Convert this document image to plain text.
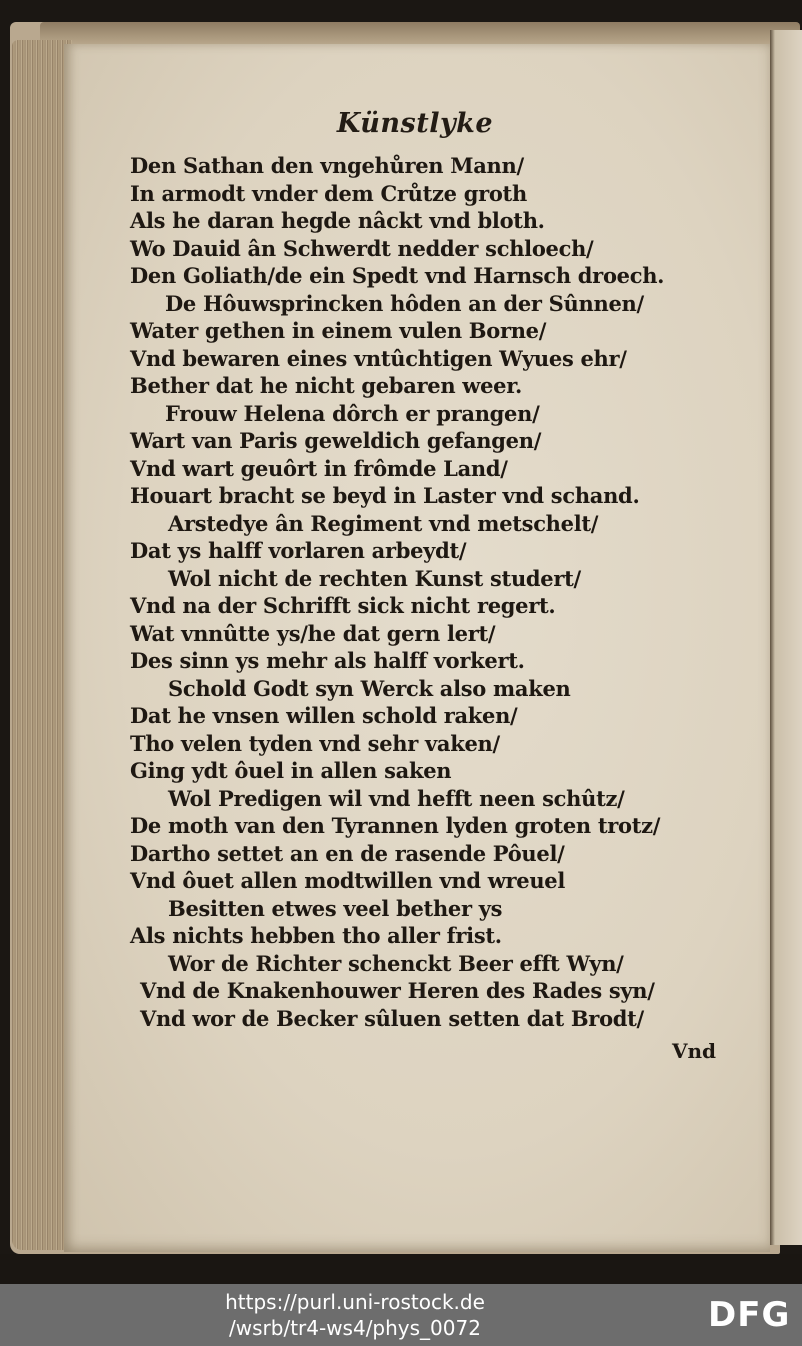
Künstlyke
Den Sathan den vngehůren Mann/
In armodt vnder dem Crůtze groth
Als he daran hegde nâckt vnd bloth.
Wo Dauid ân Schwerdt nedder schloech/
Den Goliath/de ein Spedt vnd Harnsch droech.
De Hôuwsprincken hôden an der Sûnnen/
Water gethen in einem vulen Borne/
Vnd bewaren eines vntûchtigen Wyues ehr/
Bether dat he nicht gebaren weer.
Frouw Helena dôrch er prangen/
Wart van Paris geweldich gefangen/
Vnd wart geuôrt in frômde Land/
Houart bracht se beyd in Laster vnd schand.
Arstedye ân Regiment vnd metschelt/
Dat ys halff vorlaren arbeydt/
Wol nicht de rechten Kunst studert/
Vnd na der Schrifft sick nicht regert.
Wat vnnûtte ys/he dat gern lert/
Des sinn ys mehr als halff vorkert.
Schold Godt syn Werck also maken
Dat he vnsen willen schold raken/
Tho velen tyden vnd sehr vaken/
Ging ydt ôuel in allen saken
Wol Predigen wil vnd hefft neen schûtz/
De moth van den Tyrannen lyden groten trotz/
Dartho settet an en de rasende Pôuel/
Vnd ôuet allen modtwillen vnd wreuel
Besitten etwes veel bether ys
Als nichts hebben tho aller frist.
Wor de Richter schenckt Beer efft Wyn/
Vnd de Knakenhouwer Heren des Rades syn/
Vnd wor de Becker sûluen setten dat Brodt/
Vnd
https://purl.uni-rostock.de
/wsrb/tr4-ws4/phys_0072	DFG
